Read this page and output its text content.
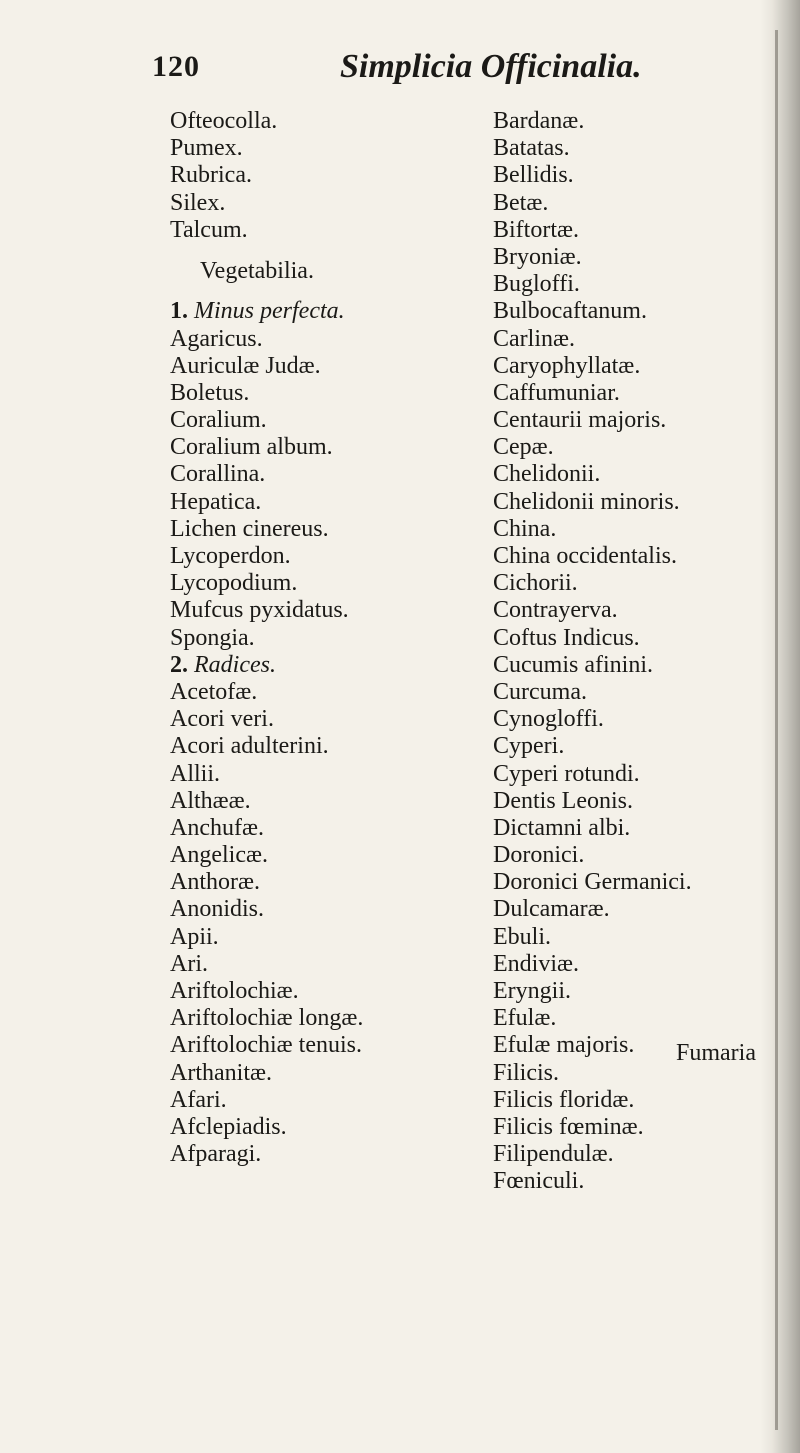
120	Simplicia Officinalia.
Ofteocolla.
Pumex.
Rubrica.
Silex.
Talcum.
Vegetabilia.
1. Minus perfecta.
Agaricus.
Auriculæ Judæ.
Boletus.
Coralium.
Coralium album.
Corallina.
Hepatica.
Lichen cinereus.
Lycoperdon.
Lycopodium.
Mufcus pyxidatus.
Spongia.
2. Radices.
Acetofæ.
Acori veri.
Acori adulterini.
Allii.
Althææ.
Anchufæ.
Angelicæ.
Anthoræ.
Anonidis.
Apii.
Ari.
Ariftolochiæ.
Ariftolochiæ longæ.
Ariftolochiæ tenuis.
Arthanitæ.
Afari.
Afclepiadis.
Afparagi.
Bardanæ.
Batatas.
Bellidis.
Betæ.
Biftortæ.
Bryoniæ.
Bugloffi.
Bulbocaftanum.
Carlinæ.
Caryophyllatæ.
Caffumuniar.
Centaurii majoris.
Cepæ.
Chelidonii.
Chelidonii minoris.
China.
China occidentalis.
Cichorii.
Contrayerva.
Coftus Indicus.
Cucumis afinini.
Curcuma.
Cynogloffi.
Cyperi.
Cyperi rotundi.
Dentis Leonis.
Dictamni albi.
Doronici.
Doronici Germanici.
Dulcamaræ.
Ebuli.
Endiviæ.
Eryngii.
Efulæ.
Efulæ majoris.
Filicis.
Filicis floridæ.
Filicis fœminæ.
Filipendulæ.
Fœniculi.
Fumaria
